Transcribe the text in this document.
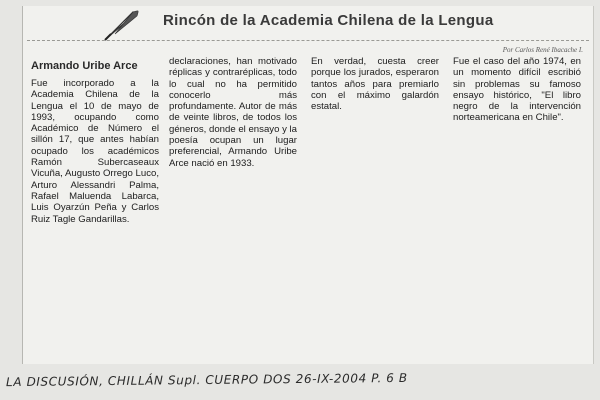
Rincón de la Academia Chilena de la Lengua
Por Carlos René Ibacache I.
Armando Uribe Arce

Fue incorporado a la Academia Chilena de la Lengua el 10 de mayo de 1993, ocupando como Académico de Número el sillón 17, que antes habían ocupado los académicos Ramón Subercaseaux Vicuña, Augusto Orrego Luco, Arturo Alessandri Palma, Rafael Maluenda Labarca, Luis Oyarzún Peña y Carlos Ruiz Tagle Gandarillas.

declaraciones, han motivado réplicas y contraréplicas, todo lo cual no ha permitido conocerlo más profundamente. Autor de más de veinte libros, de todos los géneros, donde el ensayo y la poesía ocupan un lugar preferencial, Armando Uribe Arce nació en 1933.

En verdad, cuesta creer porque los jurados, esperaron tantos años para premiarlo con el máximo galardón estatal.

Fue el caso del año 1974, en un momento difícil escribió sin problemas su famoso ensayo histórico, "El libro negro de la intervención norteamericana en Chile".

LA DISCUSIÓN, CHILLÁN Supl. CUERPO DOS 26-IX-2004 P. 6 B
